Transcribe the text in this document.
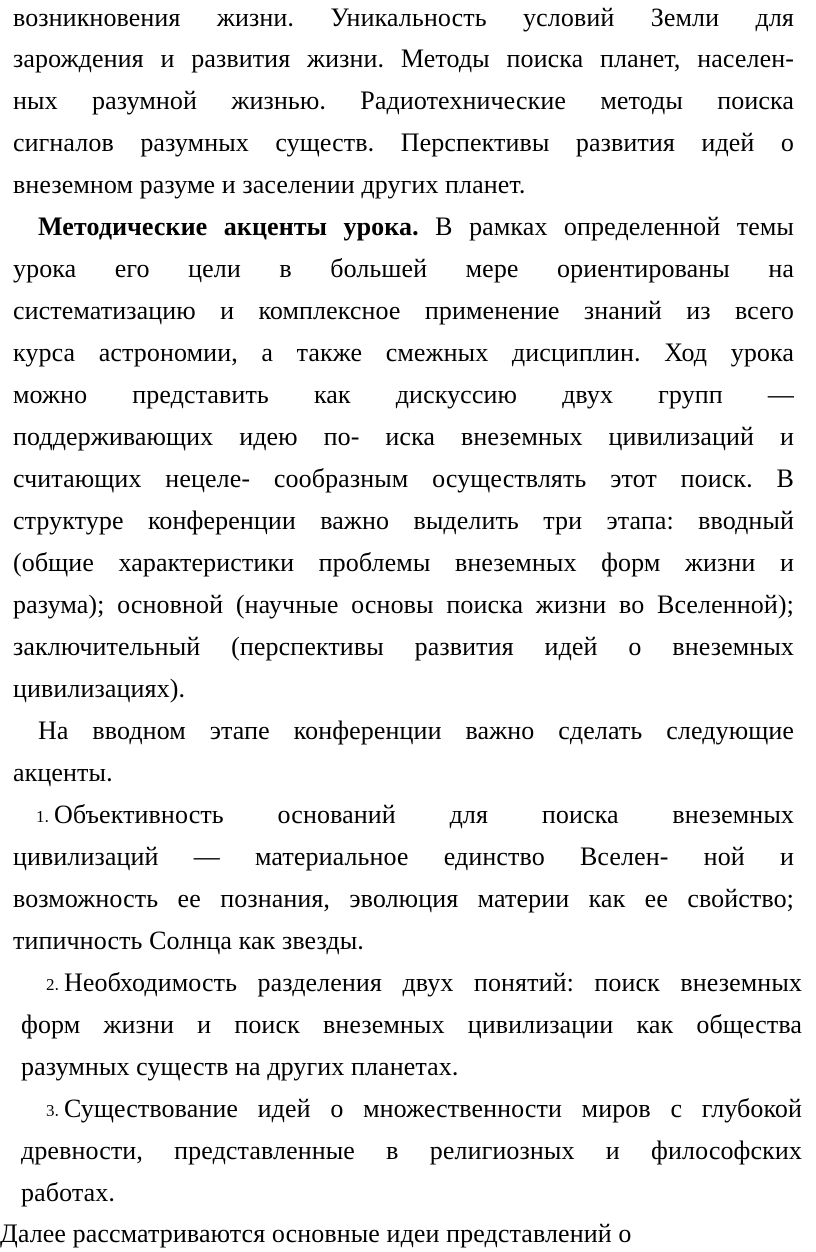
возникновения жизни. Уникальность условий Земли для
зарождения и развития жизни. Методы поиска планет, населен-
ных разумной жизнью. Радиотехнические методы поиска
сигналов разумных существ. Перспективы развития идей о
внеземном разуме и заселении других планет.
Методические акценты урока. В рамках определенной темы
урока его цели в большей мере ориентированы на
систематизацию и комплексное применение знаний из всего
курса астрономии, а также смежных дисциплин. Ход урока
можно представить как дискуссию двух групп —
поддерживающих идею по- иска внеземных цивилизаций и
считающих нецеле- сообразным осуществлять этот поиск. В
структуре конференции важно выделить три этапа: вводный
(общие характеристики проблемы внеземных форм жизни и
разума); основной (научные основы поиска жизни во Вселенной);
заключительный (перспективы развития идей о внеземных
цивилизациях).
На вводном этапе конференции важно сделать следующие
акценты.
1. Объективность оснований для поиска внеземных
цивилизаций — материальное единство Вселен- ной и
возможность ее познания, эволюция материи как ее свойство;
типичность Солнца как звезды.
2. Необходимость разделения двух понятий: поиск внеземных
форм жизни и поиск внеземных цивилизации как общества
разумных существ на других планетах.
3. Существование идей о множественности миров с глубокой
древности, представленные в религиозных и философских
работах.
Далее рассматриваются основные идеи представлений о
